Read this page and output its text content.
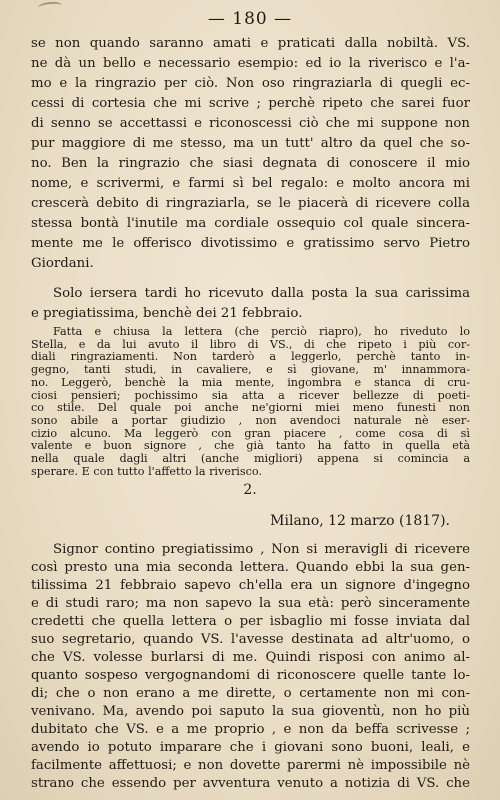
— 180 —
se non quando saranno amati e praticati dalla nobiltà. VS.
ne dà un bello e necessario esempio: ed io la riverisco e l'a-
mo e la ringrazio per ciò. Non oso ringraziarla di quegli ec-
cessi di cortesia che mi scrive ; perchè ripeto che sarei fuor
di senno se accettassi e riconoscessi ciò che mi suppone non
pur maggiore di me stesso, ma un tutt' altro da quel che so-
no. Ben la ringrazio che siasi degnata di conoscere il mio
nome, e scrivermi, e farmi sì bel regalo: e molto ancora mi
crescerà debito di ringraziarla, se le piacerà di ricevere colla
stessa bontà l'inutile ma cordiale ossequio col quale sincera-
mente me le offerisco divotissimo e gratissimo servo Pietro
Giordani.
Solo iersera tardi ho ricevuto dalla posta la sua carissima
e pregiatissima, benchè dei 21 febbraio.
Fatta e chiusa la lettera (che perciò riapro), ho riveduto lo
Stella, e da lui avuto il libro di VS., di che ripeto i più cor-
diali ringraziamenti. Non tarderò a leggerlo, perchè tanto in-
gegno, tanti studi, in cavaliere, e sì giovane, m' innammora-
no. Leggerò, benchè la mia mente, ingombra e stanca di cru-
ciosi pensieri; pochissimo sia atta a ricever bellezze di poeti-
co stile. Del quale poi anche ne'giorni miei meno funesti non
sono abile a portar giudizio , non avendoci naturale nè eser-
cizio alcuno. Ma leggerò con gran piacere , come cosa di sì
valente e buon signore , che già tanto ha fatto in quella età
nella quale dagli altri (anche migliori) appena si comincia a
sperare. E con tutto l'affetto la riverisco.
2.
Milano, 12 marzo (1817).
Signor contino pregiatissimo , Non si meravigli di ricevere
così presto una mia seconda lettera. Quando ebbi la sua gen-
tilissima 21 febbraio sapevo ch'ella era un signore d'ingegno
e di studi raro; ma non sapevo la sua età: però sinceramente
credetti che quella lettera o per isbaglio mi fosse inviata dal
suo segretario, quando VS. l'avesse destinata ad altr'uomo, o
che VS. volesse burlarsi di me. Quindi risposi con animo al-
quanto sospeso vergognandomi di riconoscere quelle tante lo-
di; che o non erano a me dirette, o certamente non mi con-
venivano. Ma, avendo poi saputo la sua gioventù, non ho più
dubitato che VS. e a me proprio , e non da beffa scrivesse ;
avendo io potuto imparare che i giovani sono buoni, leali, e
facilmente affettuosi; e non dovette parermi nè impossibile nè
strano che essendo per avventura venuto a notizia di VS. che
